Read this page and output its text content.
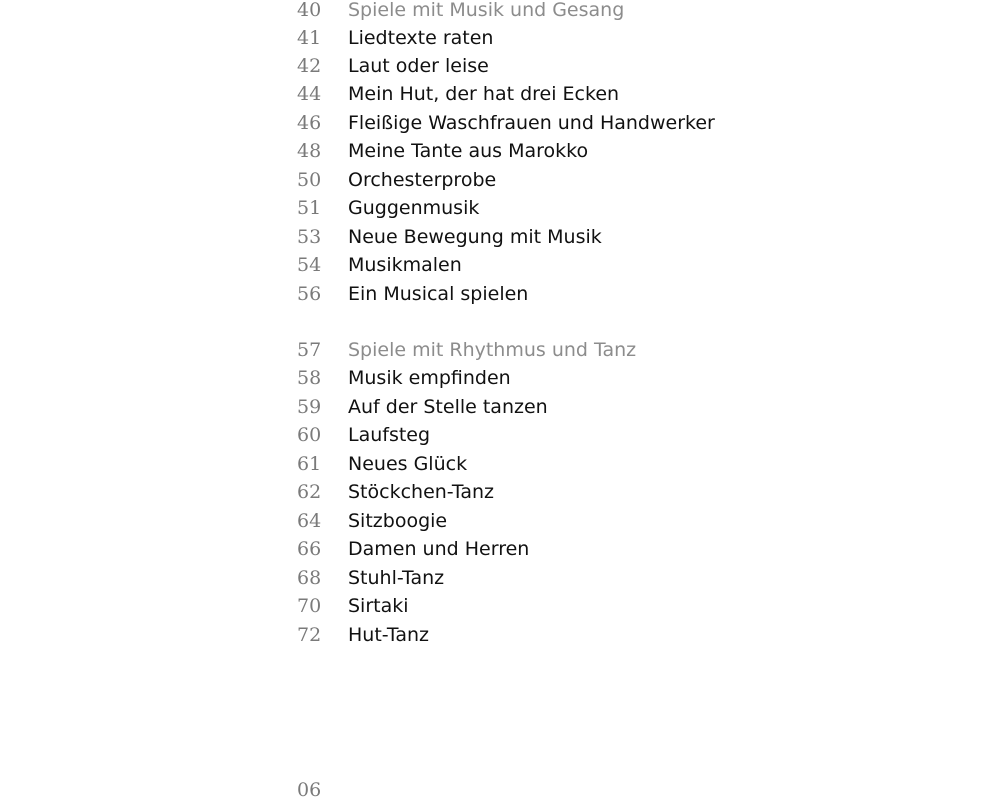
40	Spiele mit Musik und Gesang
41	Liedtexte raten
42	Laut oder leise
44	Mein Hut, der hat drei Ecken
46	Fleißige Waschfrauen und Handwerker
48	Meine Tante aus Marokko
50	Orchesterprobe
51	Guggenmusik
53	Neue Bewegung mit Musik
54	Musikmalen
56	Ein Musical spielen
57	Spiele mit Rhythmus und Tanz
58	Musik empfinden
59	Auf der Stelle tanzen
60	Laufsteg
61	Neues Glück
62	Stöckchen-Tanz
64	Sitzboogie
66	Damen und Herren
68	Stuhl-Tanz
70	Sirtaki
72	Hut-Tanz
06
